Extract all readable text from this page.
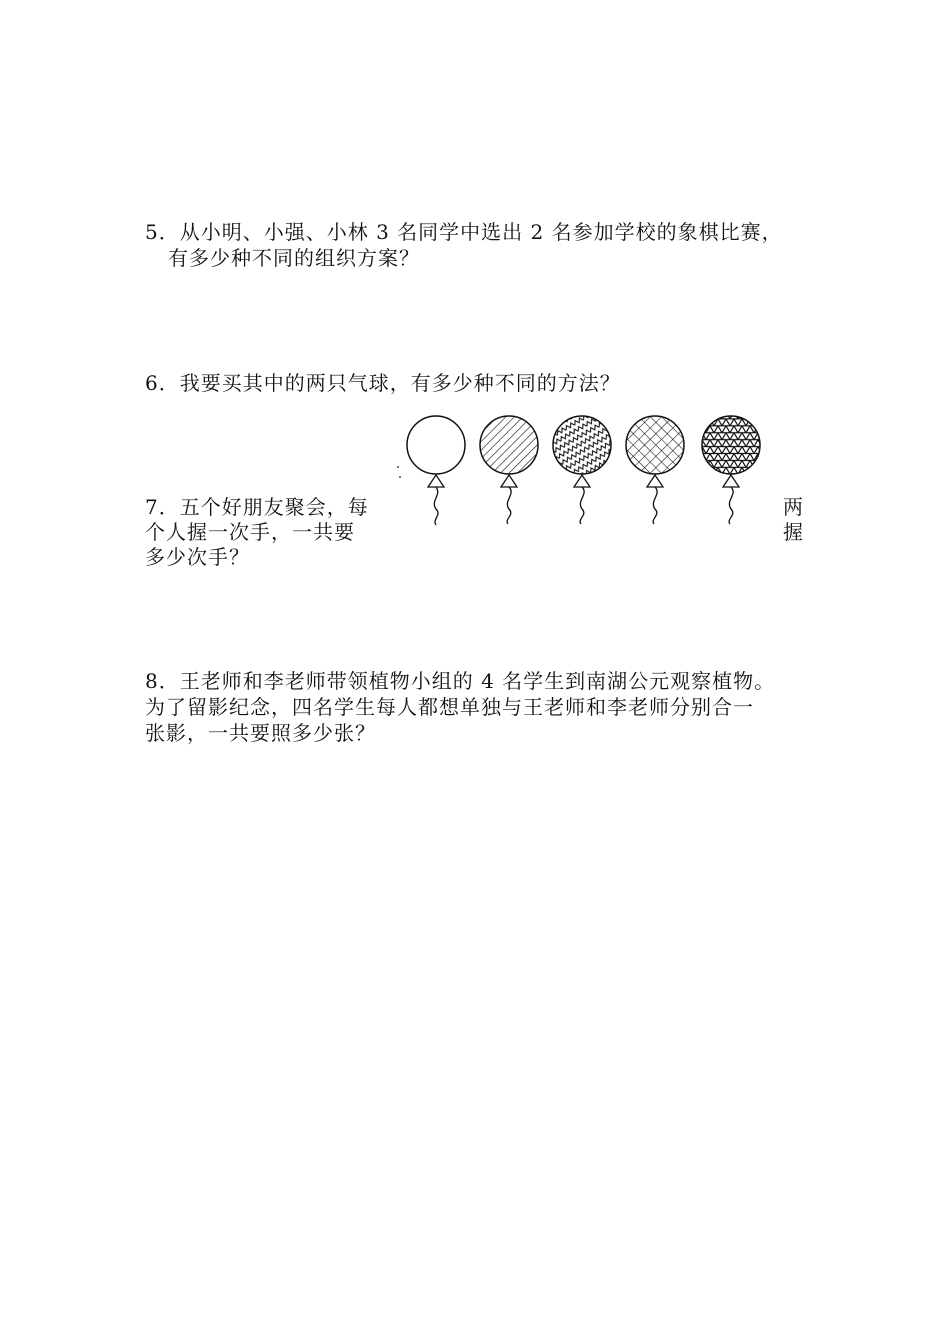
5．从小明、小强、小林 3 名同学中选出 2 名参加学校的象棋比赛，
有多少种不同的组织方案？
6．我要买其中的两只气球，有多少种不同的方法？
7．五个好朋友聚会，每
个人握一次手，一共要
多少次手？
两
握
8．王老师和李老师带领植物小组的 4 名学生到南湖公元观察植物。
为了留影纪念，四名学生每人都想单独与王老师和李老师分别合一
张影，一共要照多少张？
